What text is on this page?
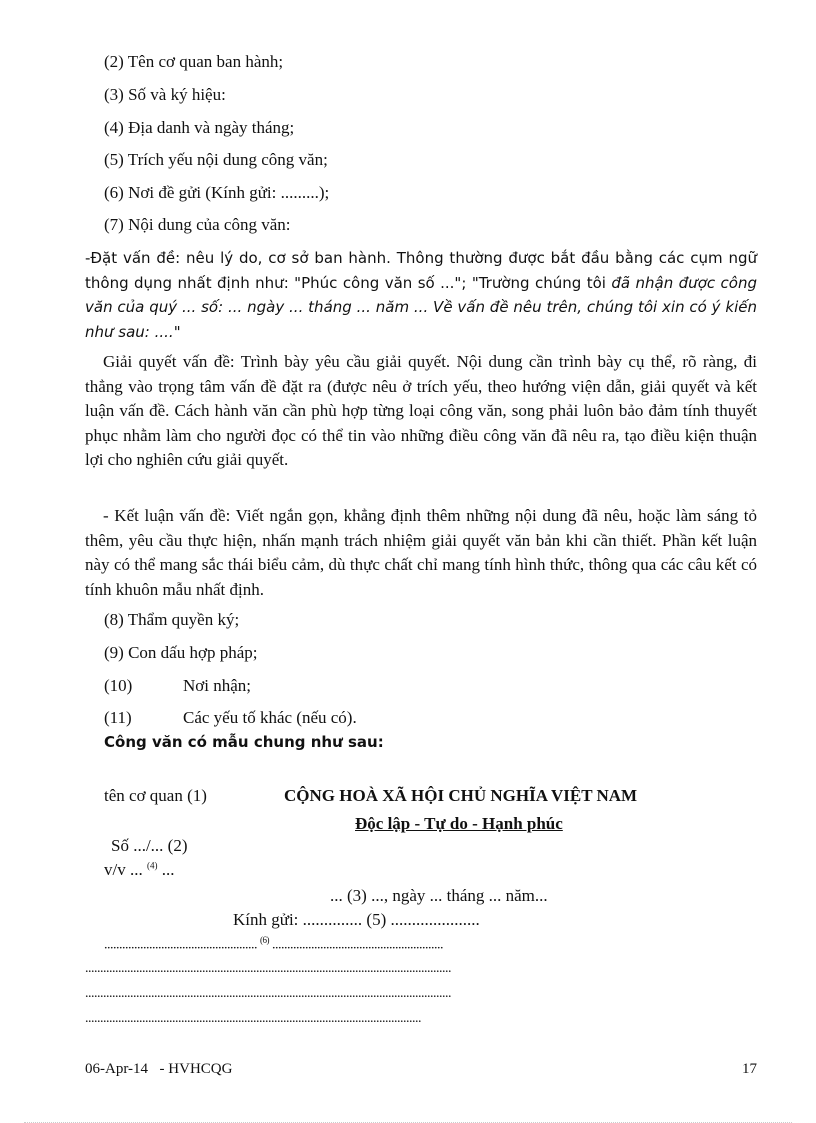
(2) Tên cơ quan ban hành;
(3) Số và ký hiệu:
(4) Địa danh và ngày tháng;
(5) Trích yếu nội dung công văn;
(6) Nơi đề gửi (Kính gửi: .........);
(7) Nội dung của công văn:
-Đặt vấn đề: nêu lý do, cơ sở ban hành. Thông thường được bắt đầu bằng các cụm ngữ thông dụng nhất định như: "Phúc công văn số ..."; "Trường chúng tôi đã nhận được công văn của quý ... số: ... ngày ... tháng ... năm ... Về vấn đề nêu trên, chúng tôi xin có ý kiến như sau: ...."
Giải quyết vấn đề: Trình bày yêu cầu giải quyết. Nội dung cần trình bày cụ thể, rõ ràng, đi thẳng vào trọng tâm vấn đề đặt ra (được nêu ở trích yếu, theo hướng viện dẫn, giải quyết và kết luận vấn đề. Cách hành văn cần phù hợp từng loại công văn, song phải luôn bảo đảm tính thuyết phục nhằm làm cho người đọc có thể tin vào những điều công văn đã nêu ra, tạo điều kiện thuận lợi cho nghiên cứu giải quyết.
- Kết luận vấn đề: Viết ngắn gọn, khẳng định thêm những nội dung đã nêu, hoặc làm sáng tỏ thêm, yêu cầu thực hiện, nhấn mạnh trách nhiệm giải quyết văn bản khi cần thiết. Phần kết luận này có thể mang sắc thái biểu cảm, dù thực chất chỉ mang tính hình thức, thông qua các câu kết có tính khuôn mẫu nhất định.
(8) Thẩm quyền ký;
(9) Con dấu hợp pháp;
(10)	Nơi nhận;
(11)	Các yếu tố khác (nếu có).
Công văn có mẫu chung như sau:
tên cơ quan (1)	CỘNG HOÀ XÃ HỘI CHỦ NGHĨA VIỆT NAM
Độc lập - Tự do - Hạnh phúc
Số .../... (2)
v/v ... $^{(4)}$ ...
... (3) ..., ngày ... tháng ... năm...
Kính gửi: .............. (5) .....................
................................................... $^{(6)}$ .........................................................
..........................................................................................................................
..........................................................................................................................
................................................................................................................
06-Apr-14 - HVHCQG	17
